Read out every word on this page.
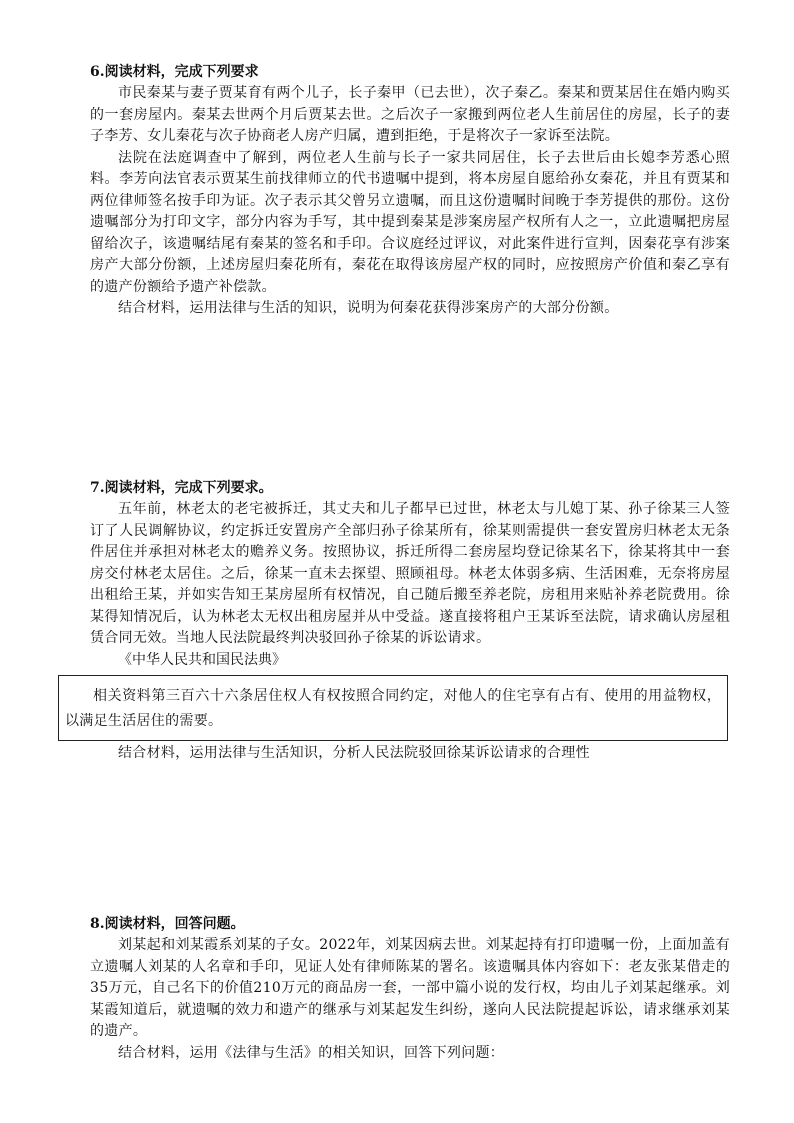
6.阅读材料，完成下列要求

市民秦某与妻子贾某育有两个儿子，长子秦甲（已去世），次子秦乙。秦某和贾某居住在婚内购买的一套房屋内。秦某去世两个月后贾某去世。之后次子一家搬到两位老人生前居住的房屋，长子的妻子李芳、女儿秦花与次子协商老人房产归属，遭到拒绝，于是将次子一家诉至法院。

法院在法庭调查中了解到，两位老人生前与长子一家共同居住，长子去世后由长媳李芳悉心照料。李芳向法官表示贾某生前找律师立的代书遗嘱中提到，将本房屋自愿给孙女秦花，并且有贾某和两位律师签名按手印为证。次子表示其父曾另立遗嘱，而且这份遗嘱时间晚于李芳提供的那份。这份遗嘱部分为打印文字，部分内容为手写，其中提到秦某是涉案房屋产权所有人之一，立此遗嘱把房屋留给次子，该遗嘱结尾有秦某的签名和手印。合议庭经过评议，对此案件进行宣判，因秦花享有涉案房产大部分份额，上述房屋归秦花所有，秦花在取得该房屋产权的同时，应按照房产价值和秦乙享有的遗产份额给予遗产补偿款。

结合材料，运用法律与生活的知识，说明为何秦花获得涉案房产的大部分份额。

7.阅读材料，完成下列要求。

五年前，林老太的老宅被拆迁，其丈夫和儿子都早已过世，林老太与儿媳丁某、孙子徐某三人签订了人民调解协议，约定拆迁安置房产全部归孙子徐某所有，徐某则需提供一套安置房归林老太无条件居住并承担对林老太的赡养义务。按照协议，拆迁所得二套房屋均登记徐某名下，徐某将其中一套房交付林老太居住。之后，徐某一直未去探望、照顾祖母。林老太体弱多病、生活困难，无奈将房屋出租给王某，并如实告知王某房屋所有权情况，自己随后搬至养老院，房租用来贴补养老院费用。徐某得知情况后，认为林老太无权出租房屋并从中受益。遂直接将租户王某诉至法院，请求确认房屋租赁合同无效。当地人民法院最终判决驳回孙子徐某的诉讼请求。

《中华人民共和国民法典》

相关资料第三百六十六条居住权人有权按照合同约定，对他人的住宅享有占有、使用的用益物权，以满足生活居住的需要。

结合材料，运用法律与生活知识，分析人民法院驳回徐某诉讼请求的合理性

8.阅读材料，回答问题。

刘某起和刘某霞系刘某的子女。2022年，刘某因病去世。刘某起持有打印遗嘱一份，上面加盖有立遗嘱人刘某的人名章和手印，见证人处有律师陈某的署名。该遗嘱具体内容如下：老友张某借走的35万元，自己名下的价值210万元的商品房一套，一部中篇小说的发行权，均由儿子刘某起继承。刘某霞知道后，就遗嘱的效力和遗产的继承与刘某起发生纠纷，遂向人民法院提起诉讼，请求继承刘某的遗产。

结合材料，运用《法律与生活》的相关知识，回答下列问题：
